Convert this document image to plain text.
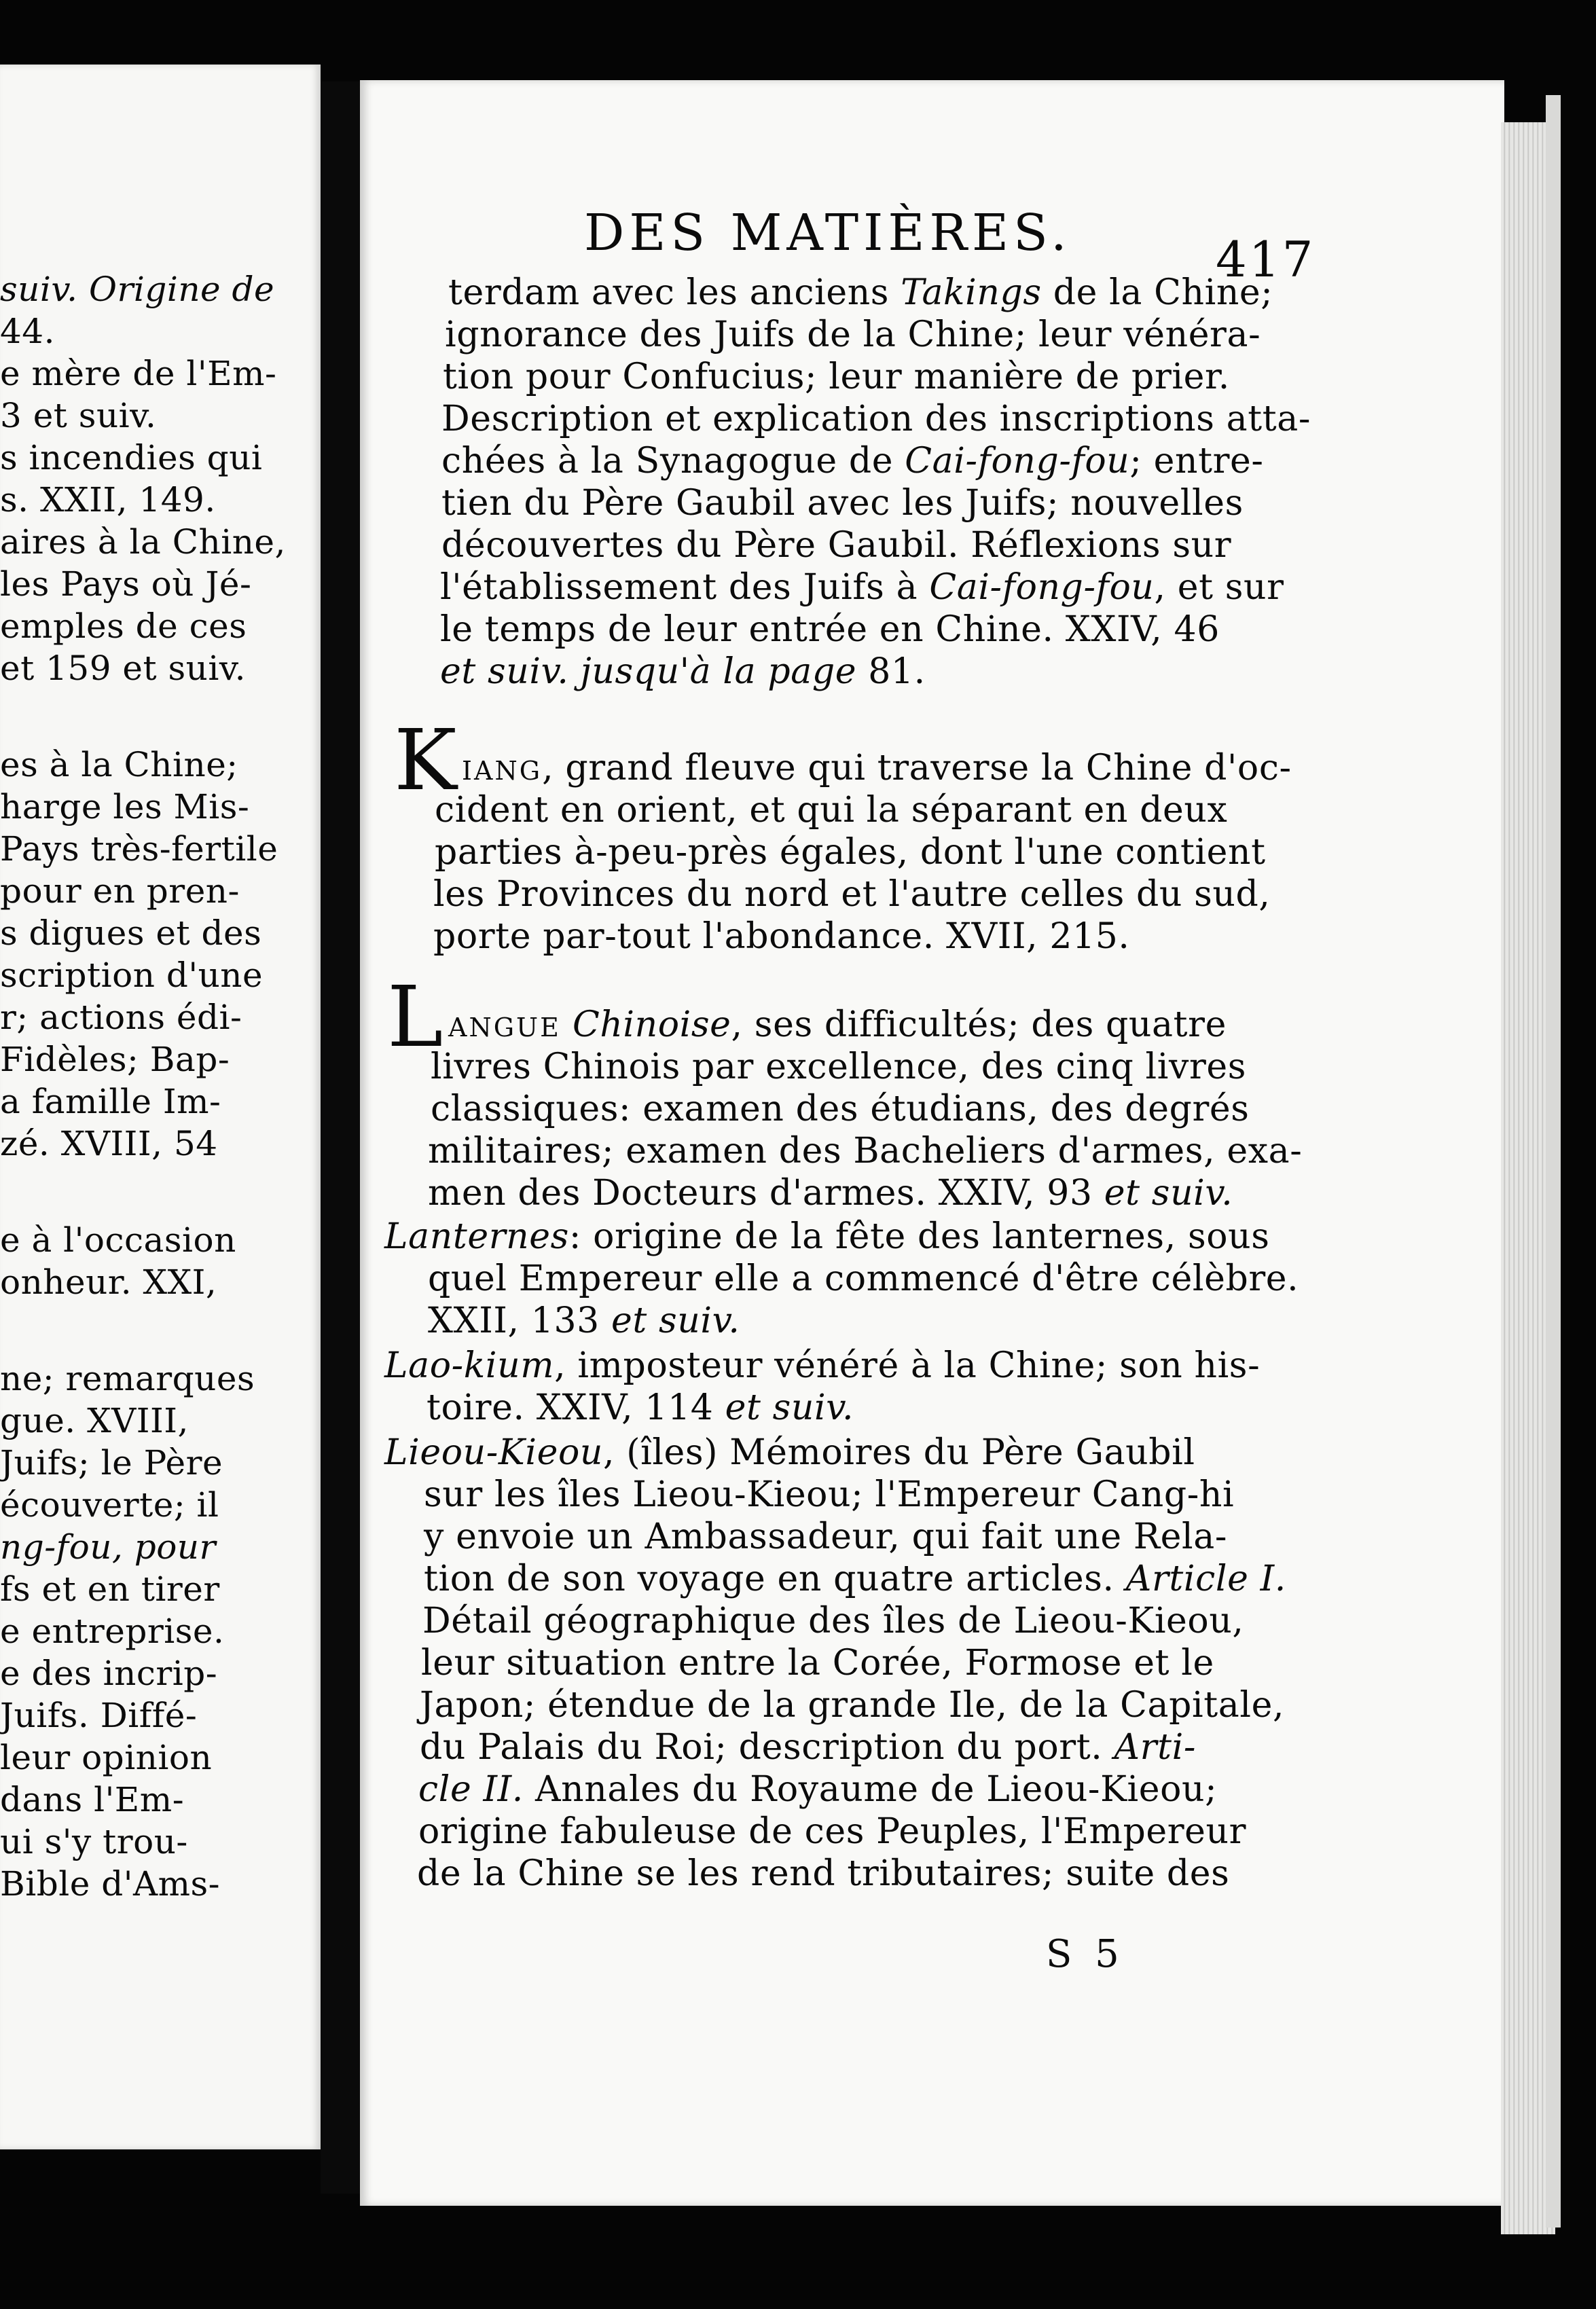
suiv. Origine de
44.
e mère de l'Em-
3 et suiv.
s incendies qui
s. XXII, 149.
aires à la Chine,
les Pays où Jé-
emples de ces
et 159 et suiv.
es à la Chine;
harge les Mis-
Pays très-fertile
pour en pren-
s digues et des
scription d'une
r; actions édi-
Fidèles; Bap-
a famille Im-
zé. XVIII, 54
e à l'occasion
onheur. XXI,
ne; remarques
gue. XVIII,
Juifs; le Père
écouverte; il
ng-fou, pour
fs et en tirer
e entreprise.
e des incrip-
Juifs. Diffé-
leur opinion
dans l'Em-
ui s'y trou-
Bible d'Ams-
DES MATIÈRES.	417
terdam avec les anciens Takings de la Chine;
ignorance des Juifs de la Chine; leur vénéra-
tion pour Confucius; leur manière de prier.
Description et explication des inscriptions atta-
chées à la Synagogue de Cai-fong-fou; entre-
tien du Père Gaubil avec les Juifs; nouvelles
découvertes du Père Gaubil. Réflexions sur
l'établissement des Juifs à Cai-fong-fou, et sur
le temps de leur entrée en Chine. XXIV, 46
et suiv. jusqu'à la page 81.
K IANG, grand fleuve qui traverse la Chine d'oc-
cident en orient, et qui la séparant en deux
parties à-peu-près égales, dont l'une contient
les Provinces du nord et l'autre celles du sud,
porte par-tout l'abondance. XVII, 215.
L ANGUE Chinoise, ses difficultés; des quatre
livres Chinois par excellence, des cinq livres
classiques: examen des étudians, des degrés
militaires; examen des Bacheliers d'armes, exa-
men des Docteurs d'armes. XXIV, 93 et suiv.
Lanternes: origine de la fête des lanternes, sous
quel Empereur elle a commencé d'être célèbre.
XXII, 133 et suiv.
Lao-kium, imposteur vénéré à la Chine; son his-
toire. XXIV, 114 et suiv.
Lieou-Kieou, (îles) Mémoires du Père Gaubil
sur les îles Lieou-Kieou; l'Empereur Cang-hi
y envoie un Ambassadeur, qui fait une Rela-
tion de son voyage en quatre articles. Article I.
Détail géographique des îles de Lieou-Kieou,
leur situation entre la Corée, Formose et le
Japon; étendue de la grande Ile, de la Capitale,
du Palais du Roi; description du port. Arti-
cle II. Annales du Royaume de Lieou-Kieou;
origine fabuleuse de ces Peuples, l'Empereur
de la Chine se les rend tributaires; suite des
S 5
